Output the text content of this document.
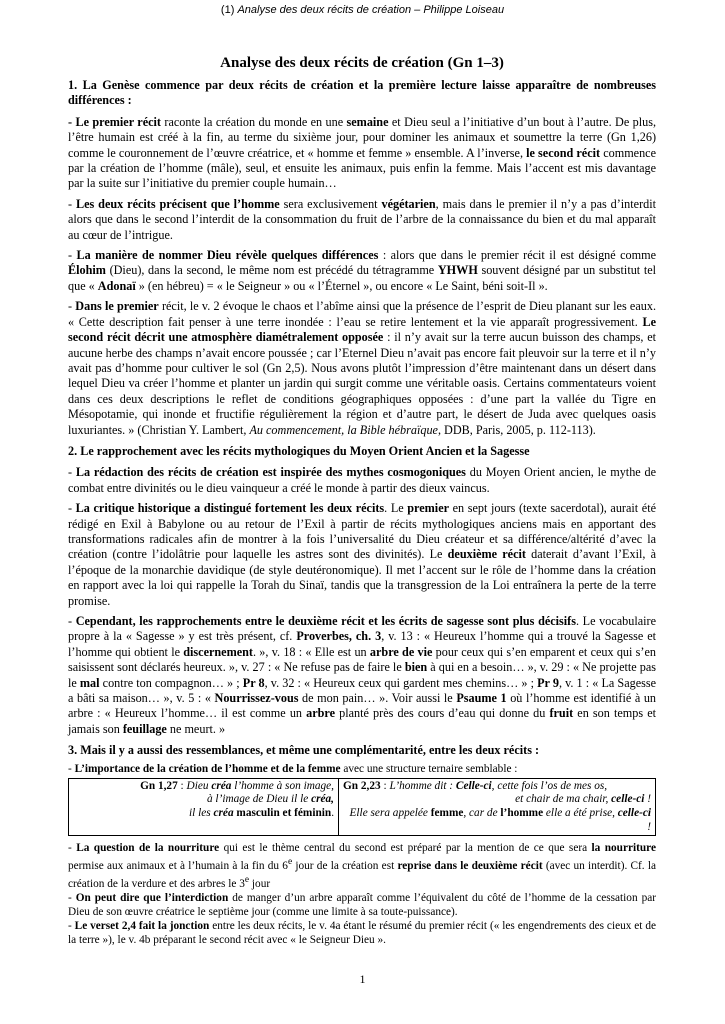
(1) Analyse des deux récits de création – Philippe Loiseau
Analyse des deux récits de création (Gn 1–3)
1. La Genèse commence par deux récits de création et la première lecture laisse apparaître de nombreuses différences :

- Le premier récit raconte la création du monde en une semaine et Dieu seul a l’initiative d’un bout à l’autre. De plus, l’être humain est créé à la fin, au terme du sixième jour, pour dominer les animaux et soumettre la terre (Gn 1,26) comme le couronnement de l’œuvre créatrice, et « homme et femme » ensemble. A l’inverse, le second récit commence par la création de l’homme (mâle), seul, et ensuite les animaux, puis enfin la femme. Mais l’accent est mis davantage par la suite sur l’initiative du premier couple humain…

- Les deux récits précisent que l’homme sera exclusivement végétarien, mais dans le premier il n’y a pas d’interdit alors que dans le second l’interdit de la consommation du fruit de l’arbre de la connaissance du bien et du mal apparaît au cœur de l’intrigue.

- La manière de nommer Dieu révèle quelques différences : alors que dans le premier récit il est désigné comme Élohim (Dieu), dans la second, le même nom est précédé du tétragramme YHWH souvent désigné par un substitut tel que « Adonaï » (en hébreu) = « le Seigneur » ou « l’Éternel », ou encore « Le Saint, béni soit-Il ».

- Dans le premier récit, le v. 2 évoque le chaos et l’abîme ainsi que la présence de l’esprit de Dieu planant sur les eaux. « Cette description fait penser à une terre inondée : l’eau se retire lentement et la vie apparaît progressivement. Le second récit décrit une atmosphère diamétralement opposée : il n’y avait sur la terre aucun buisson des champs, et aucune herbe des champs n’avait encore poussée ; car l’Eternel Dieu n’avait pas encore fait pleuvoir sur la terre et il n’y avait pas d’homme pour cultiver le sol (Gn 2,5). Nous avons plutôt l’impression d’être maintenant dans un désert dans lequel Dieu va créer l’homme et planter un jardin qui surgit comme une véritable oasis. Certains commentateurs voient dans ces deux descriptions le reflet de conditions géographiques opposées : d’une part la vallée du Tigre en Mésopotamie, qui inonde et fructifie régulièrement la région et d’autre part, le désert de Juda avec quelques oasis luxuriantes. » (Christian Y. Lambert, Au commencement, la Bible hébraïque, DDB, Paris, 2005, p. 112-113).

2. Le rapprochement avec les récits mythologiques du Moyen Orient Ancien et la Sagesse

- La rédaction des récits de création est inspirée des mythes cosmogoniques du Moyen Orient ancien, le mythe de combat entre divinités ou le dieu vainqueur a créé le monde à partir des dieux vaincus.

- La critique historique a distingué fortement les deux récits. Le premier en sept jours (texte sacerdotal), aurait été rédigé en Exil à Babylone ou au retour de l’Exil à partir de récits mythologiques anciens mais en apportant des transformations radicales afin de montrer à la fois l’universalité du Dieu créateur et sa différence/altérité d’avec la création (contre l’idolâtrie pour laquelle les astres sont des divinités). Le deuxième récit daterait d’avant l’Exil, à l’époque de la monarchie davidique (de style deutéronomique). Il met l’accent sur le rôle de l’homme dans la création en rapport avec la loi qui rappelle la Torah du Sinaï, tandis que la transgression de la Loi entraînera la perte de la terre promise.

- Cependant, les rapprochements entre le deuxième récit et les écrits de sagesse sont plus décisifs. Le vocabulaire propre à la « Sagesse » y est très présent, cf. Proverbes, ch. 3, v. 13 : « Heureux l’homme qui a trouvé la Sagesse et l’homme qui obtient le discernement. », v. 18 : « Elle est un arbre de vie pour ceux qui s’en emparent et ceux qui s’en saisissent sont déclarés heureux. », v. 27 : « Ne refuse pas de faire le bien à qui en a besoin… », v. 29 : « Ne projette pas le mal contre ton compagnon… » ; Pr 8, v. 32 : « Heureux ceux qui gardent mes chemins… » ; Pr 9, v. 1 : « La Sagesse a bâti sa maison… », v. 5 : « Nourrissez-vous de mon pain… ». Voir aussi le Psaume 1 où l’homme est identifié à un arbre : « Heureux l’homme… il est comme un arbre planté près des cours d’eau qui donne du fruit en son temps et jamais son feuillage ne meurt. »

3. Mais il y a aussi des ressemblances, et même une complémentarité, entre les deux récits :

- L’importance de la création de l’homme et de la femme avec une structure ternaire semblable :

Gn 1,27 : Dieu créa l’homme à son image,
à l’image de Dieu il le créa,
il les créa masculin et féminin.

Gn 2,23 : L’homme dit : Celle-ci, cette fois l’os de mes os,
et chair de ma chair, celle-ci !
Elle sera appelée femme, car de l’homme elle a été prise, celle-ci !

- La question de la nourriture qui est le thème central du second est préparé par la mention de ce que sera la nourriture permise aux animaux et à l’humain à la fin du 6e jour de la création est reprise dans le deuxième récit (avec un interdit). Cf. la création de la verdure et des arbres le 3e jour

- On peut dire que l’interdiction de manger d’un arbre apparaît comme l’équivalent du côté de l’homme de la cessation par Dieu de son œuvre créatrice le septième jour (comme une limite à sa toute-puissance).

- Le verset 2,4 fait la jonction entre les deux récits, le v. 4a étant le résumé du premier récit (« les engendrements des cieux et de la terre »), le v. 4b préparant le second récit avec « le Seigneur Dieu ».

1
